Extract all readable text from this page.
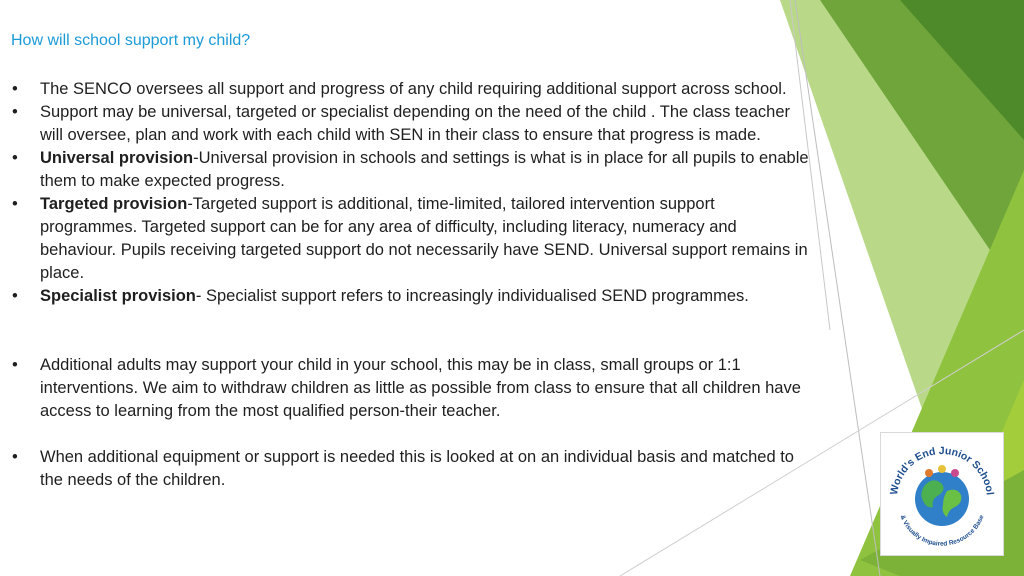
How will school support my child?
• The SENCO oversees all support and progress of any child requiring additional support across school.
• Support may be universal, targeted or specialist depending on the need of the child . The class teacher will oversee, plan and work with each child with SEN in their class to ensure that progress is made.
• Universal provision-Universal provision in schools and settings is what is in place for all pupils to enable them to make expected progress.
• Targeted provision-Targeted support is additional, time-limited, tailored intervention support programmes. Targeted support can be for any area of difficulty, including literacy, numeracy and behaviour. Pupils receiving targeted support do not necessarily have SEND. Universal support remains in place.
• Specialist provision- Specialist support refers to increasingly individualised SEND programmes.
• Additional adults may support your child in your school, this may be in class, small groups or 1:1 interventions. We aim to withdraw children as little as possible from class to ensure that all children have access to learning from the most qualified person-their teacher.
• When additional equipment or support is needed this is looked at on an individual basis and matched to the needs of the children.
World's End Junior School
& Visually Impaired Resource Base
